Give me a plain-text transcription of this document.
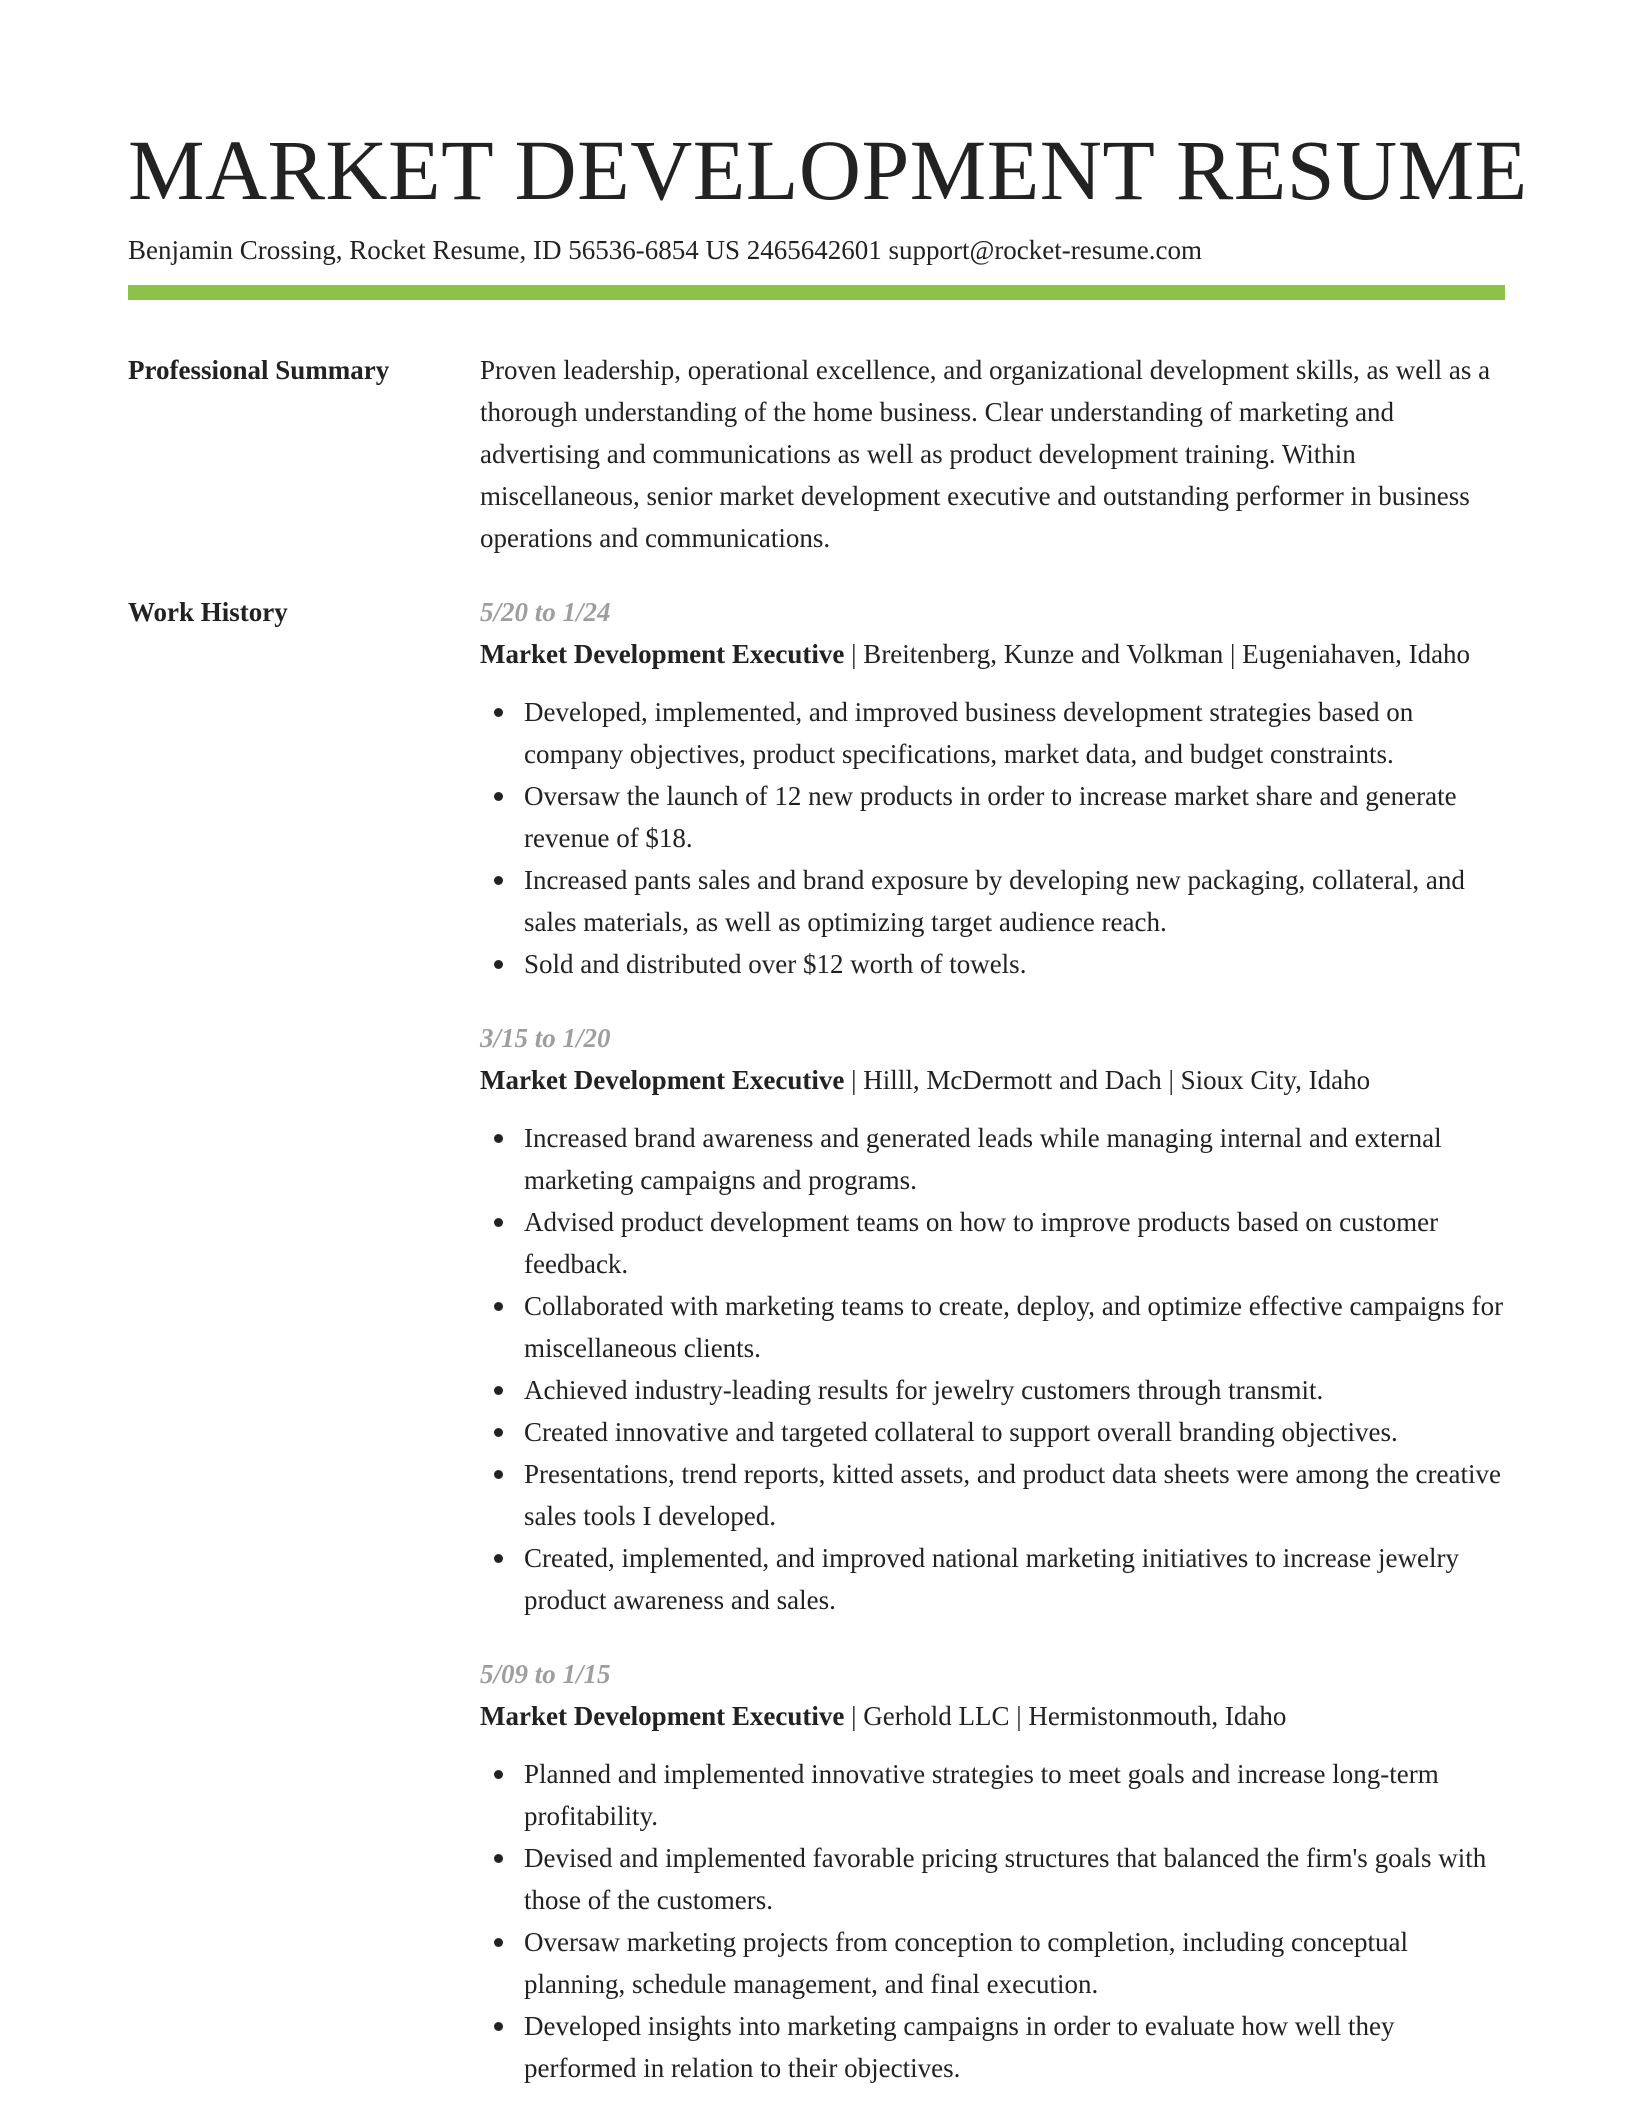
MARKET DEVELOPMENT RESUME
Benjamin Crossing, Rocket Resume, ID 56536-6854 US 2465642601 support@rocket-resume.com
Professional Summary	Proven leadership, operational excellence, and organizational development skills, as well as a thorough understanding of the home business. Clear understanding of marketing and advertising and communications as well as product development training. Within miscellaneous, senior market development executive and outstanding performer in business operations and communications.
Work History	5/20 to 1/24
Market Development Executive | Breitenberg, Kunze and Volkman | Eugeniahaven, Idaho
Developed, implemented, and improved business development strategies based on company objectives, product specifications, market data, and budget constraints.
Oversaw the launch of 12 new products in order to increase market share and generate revenue of $18.
Increased pants sales and brand exposure by developing new packaging, collateral, and sales materials, as well as optimizing target audience reach.
Sold and distributed over $12 worth of towels.
3/15 to 1/20
Market Development Executive | Hilll, McDermott and Dach | Sioux City, Idaho
Increased brand awareness and generated leads while managing internal and external marketing campaigns and programs.
Advised product development teams on how to improve products based on customer feedback.
Collaborated with marketing teams to create, deploy, and optimize effective campaigns for miscellaneous clients.
Achieved industry-leading results for jewelry customers through transmit.
Created innovative and targeted collateral to support overall branding objectives.
Presentations, trend reports, kitted assets, and product data sheets were among the creative sales tools I developed.
Created, implemented, and improved national marketing initiatives to increase jewelry product awareness and sales.
5/09 to 1/15
Market Development Executive | Gerhold LLC | Hermistonmouth, Idaho
Planned and implemented innovative strategies to meet goals and increase long-term profitability.
Devised and implemented favorable pricing structures that balanced the firm's goals with those of the customers.
Oversaw marketing projects from conception to completion, including conceptual planning, schedule management, and final execution.
Developed insights into marketing campaigns in order to evaluate how well they performed in relation to their objectives.
